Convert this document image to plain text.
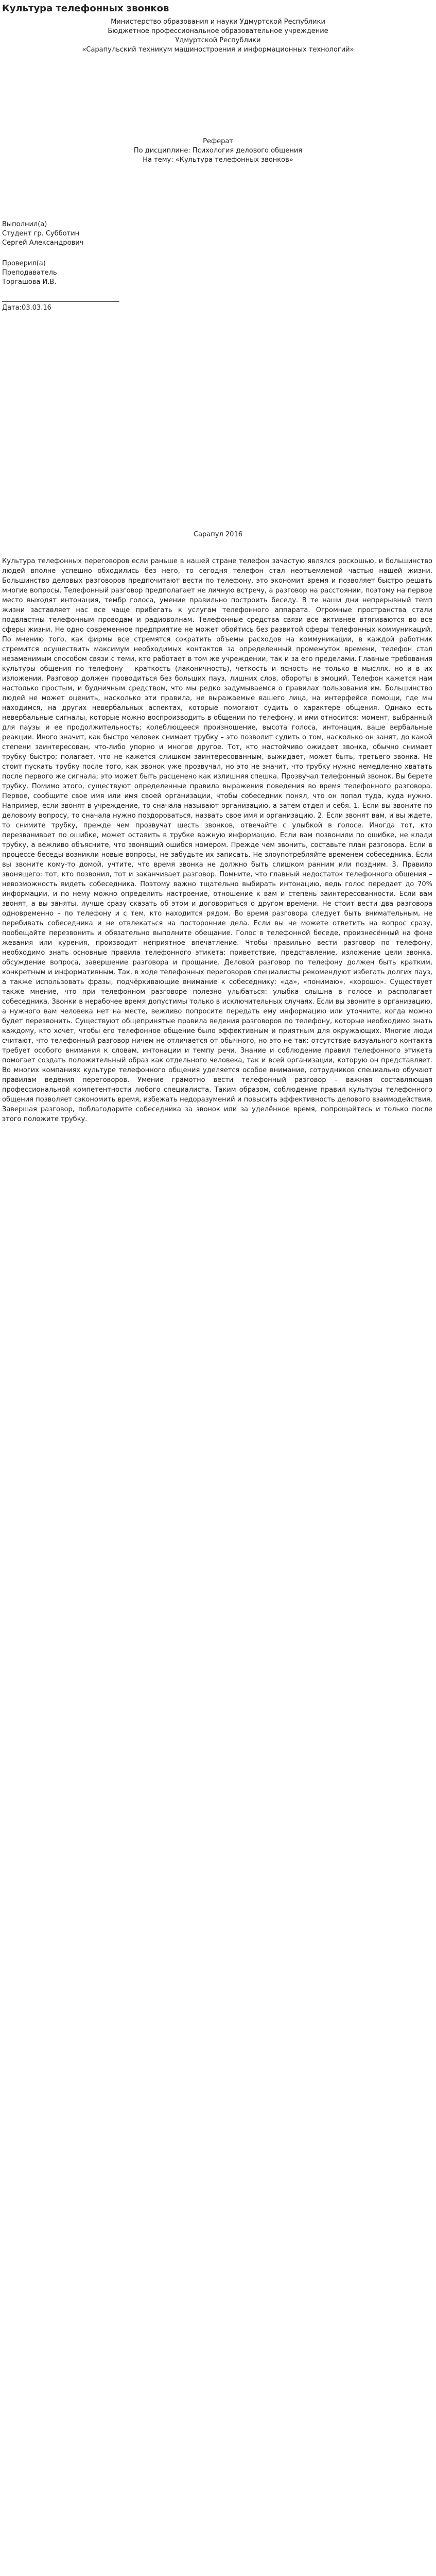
Культура телефонных звонков
Министерство образования и науки Удмуртской Республики
Бюджетное профессиональное образовательное учреждение
Удмуртской Республики
«Сарапульский техникум машиностроения и информационных технологий»
Реферат
По дисциплине: Психология делового общения
На тему: «Культура телефонных звонков»
Выполнил(а)
Студент гр. Субботин
Сергей Александрович
Проверил(а)
Преподаватель
Торгашова И.В.
___________________________________
Дата:03.03.16
Сарапул 2016

Культура телефонных переговоров если раньше в нашей стране телефон зачастую являлся роскошью, и большинство людей вполне успешно обходились без него, то сегодня телефон стал неотъемлемой частью нашей жизни. Большинство деловых разговоров предпочитают вести по телефону, это экономит время и позволяет быстро решать многие вопросы. Телефонный разговор предполагает не личную встречу, а разговор на расстоянии, поэтому на первое место выходят интонация, тембр голоса, умение правильно построить беседу. В те наши дни непрерывный темп жизни заставляет нас все чаще прибегать к услугам телефонного аппарата. Огромные пространства стали подвластны телефонным проводам и радиоволнам. Телефонные средства связи все активнее втягиваются во все сферы жизни. Не одно современное предприятие не может обойтись без развитой сферы телефонных коммуникаций. По мнению того, как фирмы все стремятся сократить объемы расходов на коммуникации, в каждой работник стремится осуществить максимум необходимых контактов за определенный промежуток времени, телефон стал незаменимым способом связи с теми, кто работает в том же учреждении, так и за его пределами. Главные требования культуры общения по телефону – краткость (лаконичность), четкость и ясность не только в мыслях, но и в их изложении. Разговор должен проводиться без больших пауз, лишних слов, обороты в эмоций. Телефон кажется нам настолько простым, и будничным средством, что мы редко задумываемся о правилах пользования им. Большинство людей не может оценить, насколько эти правила, не выражаемые вашего лица, на интерфейсе помощи, где мы находимся, на других невербальных аспектах, которые помогают судить о характере общения. Однако есть невербальные сигналы, которые можно воспроизводить в общении по телефону, и ими относится: момент, выбранный для паузы и ее продолжительность; колеблющееся произношение, высота голоса, интонация, ваше вербальные реакции. Иного значит, как быстро человек снимает трубку – это позволит судить о том, насколько он занят, до какой степени заинтересован, что-либо упорно и многое другое. Тот, кто настойчиво ожидает звонка, обычно снимает трубку быстро; полагает, что не кажется слишком заинтересованным, выжидает, может быть, третьего звонка. Не стоит пускать трубку после того, как звонок уже прозвучал, но это не значит, что трубку нужно немедленно хватать после первого же сигнала; это может быть расценено как излишняя спешка. Прозвучал телефонный звонок. Вы берете трубку. Помимо этого, существуют определенные правила выражения поведения во время телефонного разговора. Первое, сообщите свое имя или имя своей организации, чтобы собеседник понял, что он попал туда, куда нужно. Например, если звонят в учреждение, то сначала называют организацию, а затем отдел и себя. 1. Если вы звоните по деловому вопросу, то сначала нужно поздороваться, назвать свое имя и организацию. 2. Если звонят вам, и вы ждете, то снимите трубку, прежде чем прозвучат шесть звонков, отвечайте с улыбкой в голосе. Иногда тот, кто перезванивает по ошибке, может оставить в трубке важную информацию. Если вам позвонили по ошибке, не клади трубку, а вежливо объясните, что звонящий ошибся номером. Прежде чем звонить, составьте план разговора. Если в процессе беседы возникли новые вопросы, не забудьте их записать. Не злоупотребляйте временем собеседника. Если вы звоните кому-то домой, учтите, что время звонка не должно быть слишком ранним или поздним. 3. Правило звонящего: тот, кто позвонил, тот и заканчивает разговор. Помните, что главный недостаток телефонного общения – невозможность видеть собеседника. Поэтому важно тщательно выбирать интонацию, ведь голос передает до 70% информации, и по нему можно определить настроение, отношение к вам и степень заинтересованности. Если вам звонят, а вы заняты, лучше сразу сказать об этом и договориться о другом времени. Не стоит вести два разговора одновременно – по телефону и с тем, кто находится рядом. Во время разговора следует быть внимательным, не перебивать собеседника и не отвлекаться на посторонние дела. Если вы не можете ответить на вопрос сразу, пообещайте перезвонить и обязательно выполните обещание. Голос в телефонной беседе, произнесённый на фоне жевания или курения, производит неприятное впечатление. Чтобы правильно вести разговор по телефону, необходимо знать основные правила телефонного этикета: приветствие, представление, изложение цели звонка, обсуждение вопроса, завершение разговора и прощание. Деловой разговор по телефону должен быть кратким, конкретным и информативным. Так, в ходе телефонных переговоров специалисты рекомендуют избегать долгих пауз, а также использовать фразы, подчёркивающие внимание к собеседнику: «да», «понимаю», «хорошо». Существует также мнение, что при телефонном разговоре полезно улыбаться: улыбка слышна в голосе и располагает собеседника. Звонки в нерабочее время допустимы только в исключительных случаях. Если вы звоните в организацию, а нужного вам человека нет на месте, вежливо попросите передать ему информацию или уточните, когда можно будет перезвонить. Существуют общепринятые правила ведения разговоров по телефону, которые необходимо знать каждому, кто хочет, чтобы его телефонное общение было эффективным и приятным для окружающих. Многие люди считают, что телефонный разговор ничем не отличается от обычного, но это не так: отсутствие визуального контакта требует особого внимания к словам, интонации и темпу речи. Знание и соблюдение правил телефонного этикета помогает создать положительный образ как отдельного человека, так и всей организации, которую он представляет. Во многих компаниях культуре телефонного общения уделяется особое внимание, сотрудников специально обучают правилам ведения переговоров. Умение грамотно вести телефонный разговор – важная составляющая профессиональной компетентности любого специалиста. Таким образом, соблюдение правил культуры телефонного общения позволяет сэкономить время, избежать недоразумений и повысить эффективность делового взаимодействия. Завершая разговор, поблагодарите собеседника за звонок или за уделённое время, попрощайтесь и только после этого положите трубку.
